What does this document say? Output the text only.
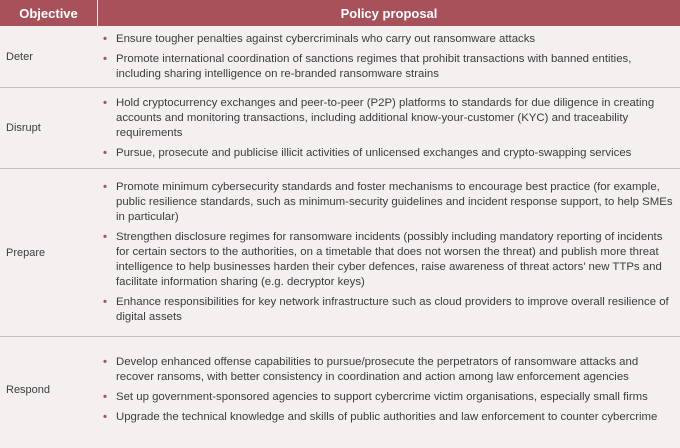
Objective	Policy proposal
Deter
• Ensure tougher penalties against cybercriminals who carry out ransomware attacks
• Promote international coordination of sanctions regimes that prohibit transactions with banned entities, including sharing intelligence on re-branded ransomware strains
Disrupt
• Hold cryptocurrency exchanges and peer-to-peer (P2P) platforms to standards for due diligence in creating accounts and monitoring transactions, including additional know-your-customer (KYC) and traceability requirements
• Pursue, prosecute and publicise illicit activities of unlicensed exchanges and crypto-swapping services
Prepare
• Promote minimum cybersecurity standards and foster mechanisms to encourage best practice (for example, public resilience standards, such as minimum-security guidelines and incident response support, to help SMEs in particular)
• Strengthen disclosure regimes for ransomware incidents (possibly including mandatory reporting of incidents for certain sectors to the authorities, on a timetable that does not worsen the threat) and publish more threat intelligence to help businesses harden their cyber defences, raise awareness of threat actors’ new TTPs and facilitate information sharing (e.g. decryptor keys)
• Enhance responsibilities for key network infrastructure such as cloud providers to improve overall resilience of digital assets
Respond
• Develop enhanced offense capabilities to pursue/prosecute the perpetrators of ransomware attacks and recover ransoms, with better consistency in coordination and action among law enforcement agencies
• Set up government-sponsored agencies to support cybercrime victim organisations, especially small firms
• Upgrade the technical knowledge and skills of public authorities and law enforcement to counter cybercrime
